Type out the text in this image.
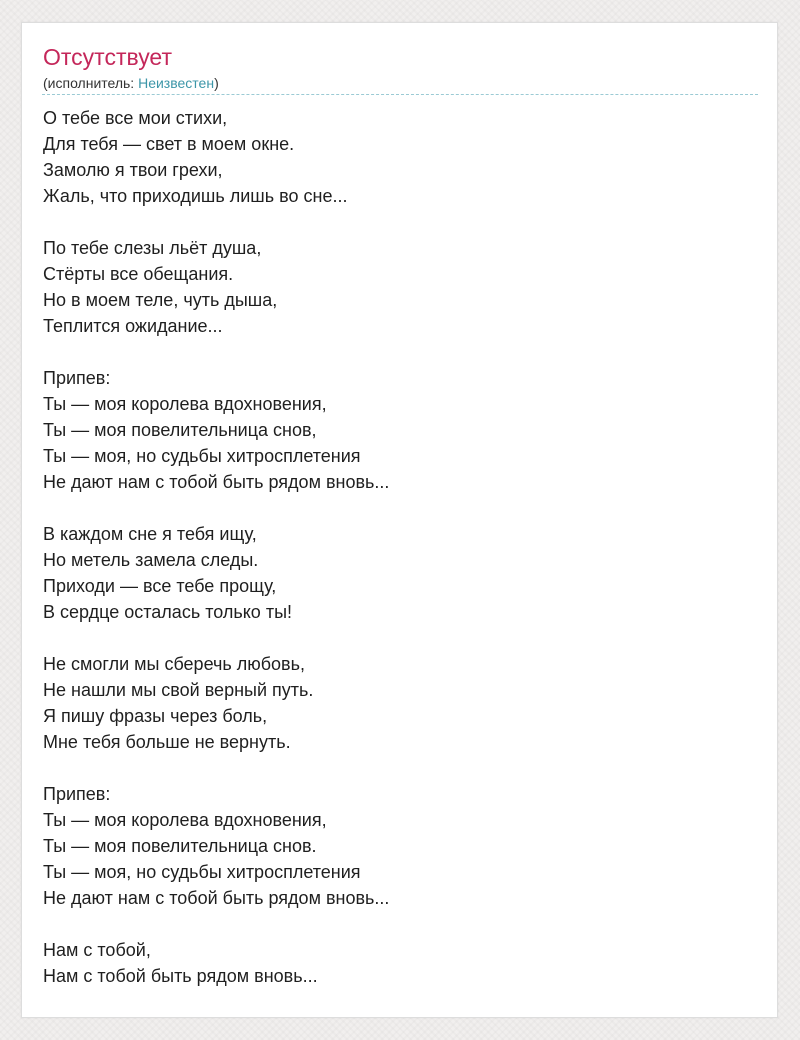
Отсутствует
(исполнитель: Неизвестен)
О тебе все мои стихи,
Для тебя — свет в моем окне.
Замолю я твои грехи,
Жаль, что приходишь лишь во сне...
По тебе слезы льёт душа,
Стёрты все обещания.
Но в моем теле, чуть дыша,
Теплится ожидание...
Припев:
Ты — моя королева вдохновения,
Ты — моя повелительница снов,
Ты — моя, но судьбы хитросплетения
Не дают нам с тобой быть рядом вновь...
В каждом сне я тебя ищу,
Но метель замела следы.
Приходи — все тебе прощу,
В сердце осталась только ты!
Не смогли мы сберечь любовь,
Не нашли мы свой верный путь.
Я пишу фразы через боль,
Мне тебя больше не вернуть.
Припев:
Ты — моя королева вдохновения,
Ты — моя повелительница снов.
Ты — моя, но судьбы хитросплетения
Не дают нам с тобой быть рядом вновь...
Нам с тобой,
Нам с тобой быть рядом вновь...
